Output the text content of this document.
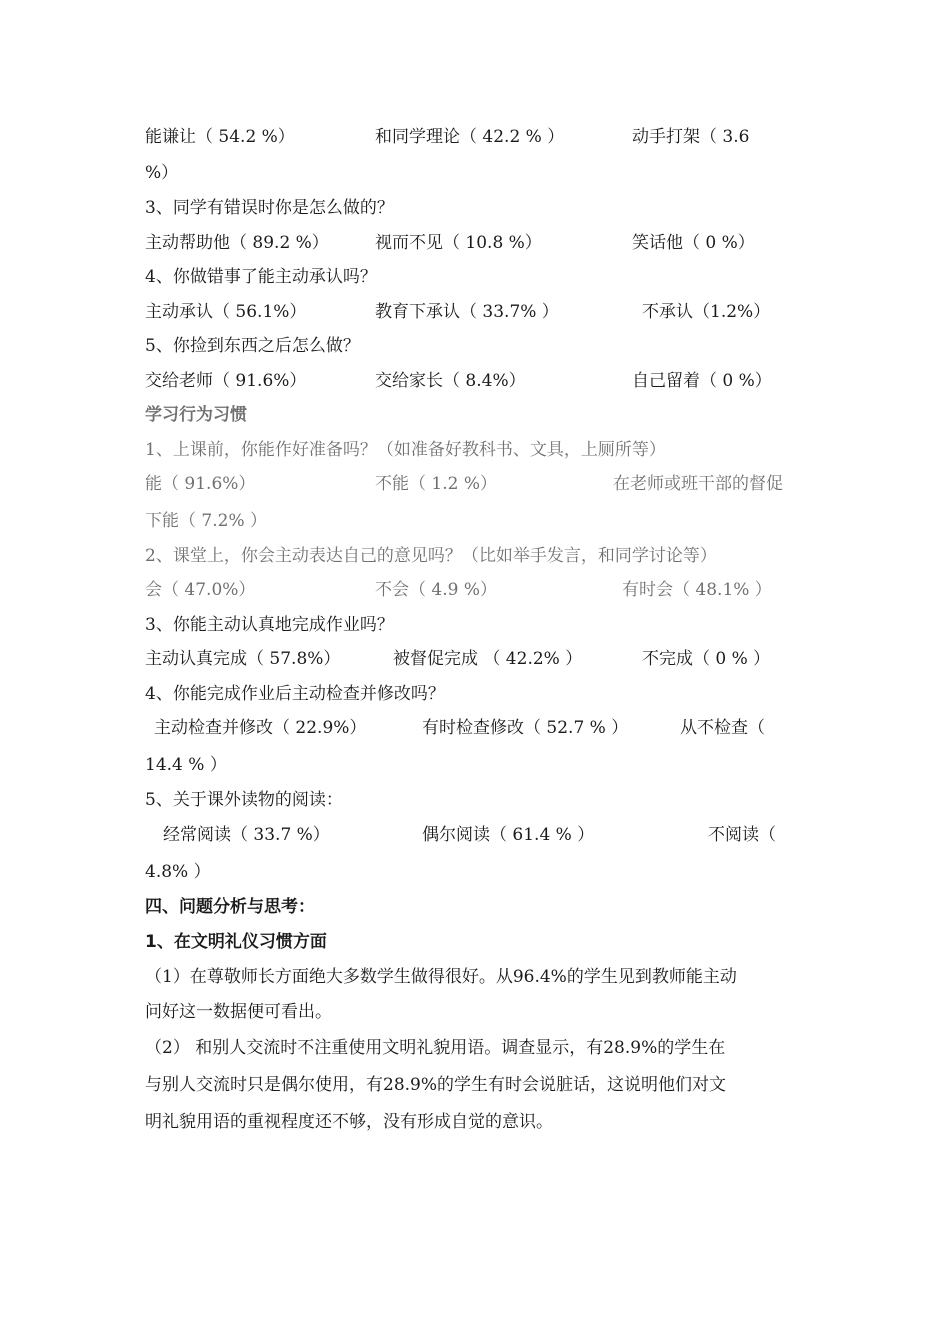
能谦让（ 54.2 %）	和同学理论（ 42.2 % ）	动手打架（ 3.6
%）
3、同学有错误时你是怎么做的？
主动帮助他（ 89.2 %）	视而不见（ 10.8 %）	笑话他（ 0 %）
4、你做错事了能主动承认吗？
主动承认（ 56.1%）	教育下承认（ 33.7% ）	不承认（1.2%）
5、你捡到东西之后怎么做？
交给老师（ 91.6%）	交给家长（ 8.4%）	自己留着（ 0 %）
学习行为习惯
1、上课前，你能作好准备吗？（如准备好教科书、文具，上厕所等）
能（ 91.6%）	不能（ 1.2 %）	在老师或班干部的督促
下能（ 7.2% ）
2、课堂上，你会主动表达自己的意见吗？（比如举手发言，和同学讨论等）
会（ 47.0%）	不会（ 4.9 %）	有时会（ 48.1% ）
3、你能主动认真地完成作业吗？
主动认真完成（ 57.8%）	被督促完成 （ 42.2% ）	不完成（ 0 % ）
4、你能完成作业后主动检查并修改吗？
主动检查并修改（ 22.9%）	有时检查修改（ 52.7 % ）	从不检查（
14.4 % ）
5、关于课外读物的阅读：
经常阅读（ 33.7 %）	偶尔阅读（ 61.4 % ）	不阅读（
4.8% ）
四、问题分析与思考：
1、在文明礼仪习惯方面
（1）在尊敬师长方面绝大多数学生做得很好。从96.4%的学生见到教师能主动
问好这一数据便可看出。
（2） 和别人交流时不注重使用文明礼貌用语。调查显示，有28.9%的学生在
与别人交流时只是偶尔使用，有28.9%的学生有时会说脏话，这说明他们对文
明礼貌用语的重视程度还不够，没有形成自觉的意识。
